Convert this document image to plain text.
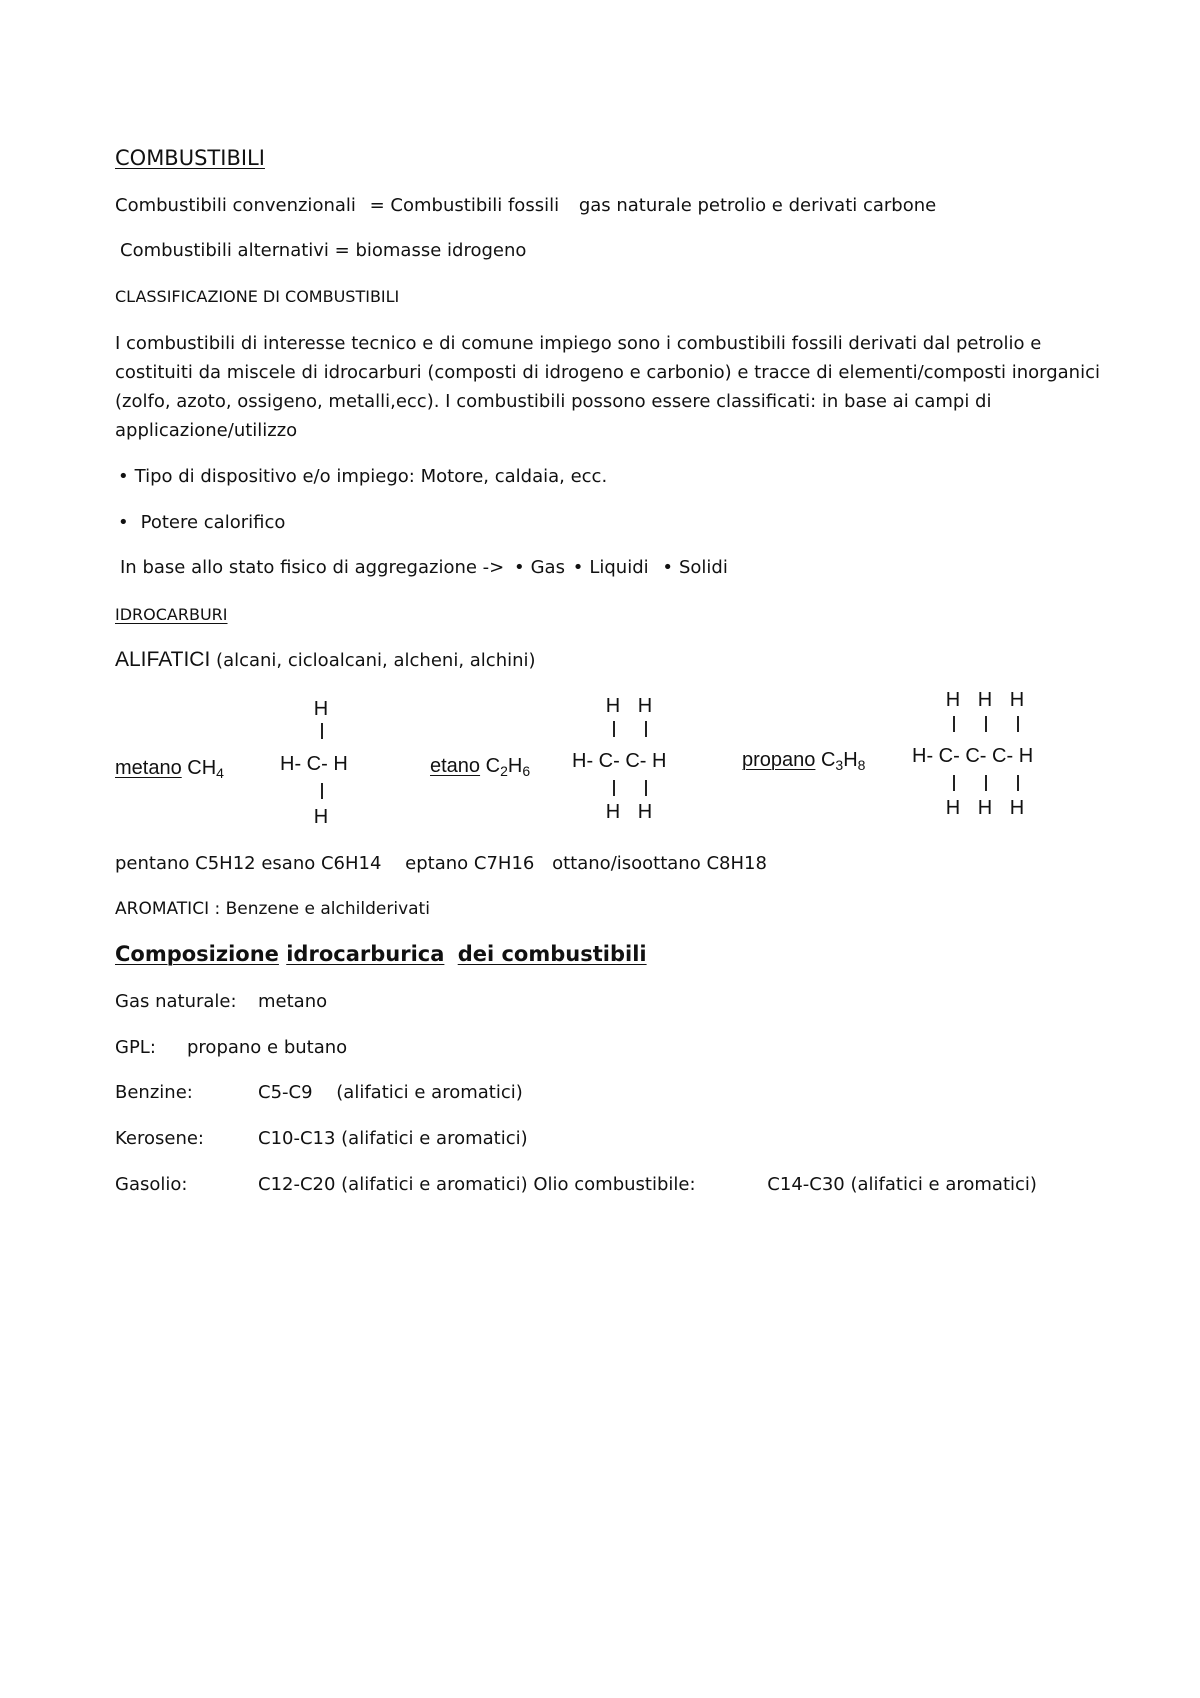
COMBUSTIBILI
Combustibili convenzionali = Combustibili fossili gas naturale petrolio e derivati carbone
Combustibili alternativi = biomasse idrogeno
CLASSIFICAZIONE DI COMBUSTIBILI
I combustibili di interesse tecnico e di comune impiego sono i combustibili fossili derivati dal petrolio e costituiti da miscele di idrocarburi (composti di idrogeno e carbonio) e tracce di elementi/composti inorganici (zolfo, azoto, ossigeno, metalli,ecc). I combustibili possono essere classificati: in base ai campi di applicazione/utilizzo
• Tipo di dispositivo e/o impiego: Motore, caldaia, ecc.
• Potere calorifico
In base allo stato fisico di aggregazione -> • Gas • Liquidi • Solidi
IDROCARBURI
ALIFATICI (alcani, cicloalcani, alcheni, alchini)
metano $CH_4$	etano $C_2H_6$	propano $C_3H_8$
H
H- C- H
H
H H
H- C- C- H
H H
H H H
H- C- C- C- H
H H H
pentano C5H12 esano C6H14 eptano C7H16 ottano/isoottano C8H18
AROMATICI : Benzene e alchilderivati
Composizione idrocarburica dei combustibili
Gas naturale: metano
GPL: propano e butano
Benzine:	C5-C9 (alifatici e aromatici)
Kerosene:	C10-C13 (alifatici e aromatici)
Gasolio:	C12-C20 (alifatici e aromatici) Olio combustibile:	C14-C30 (alifatici e aromatici)
